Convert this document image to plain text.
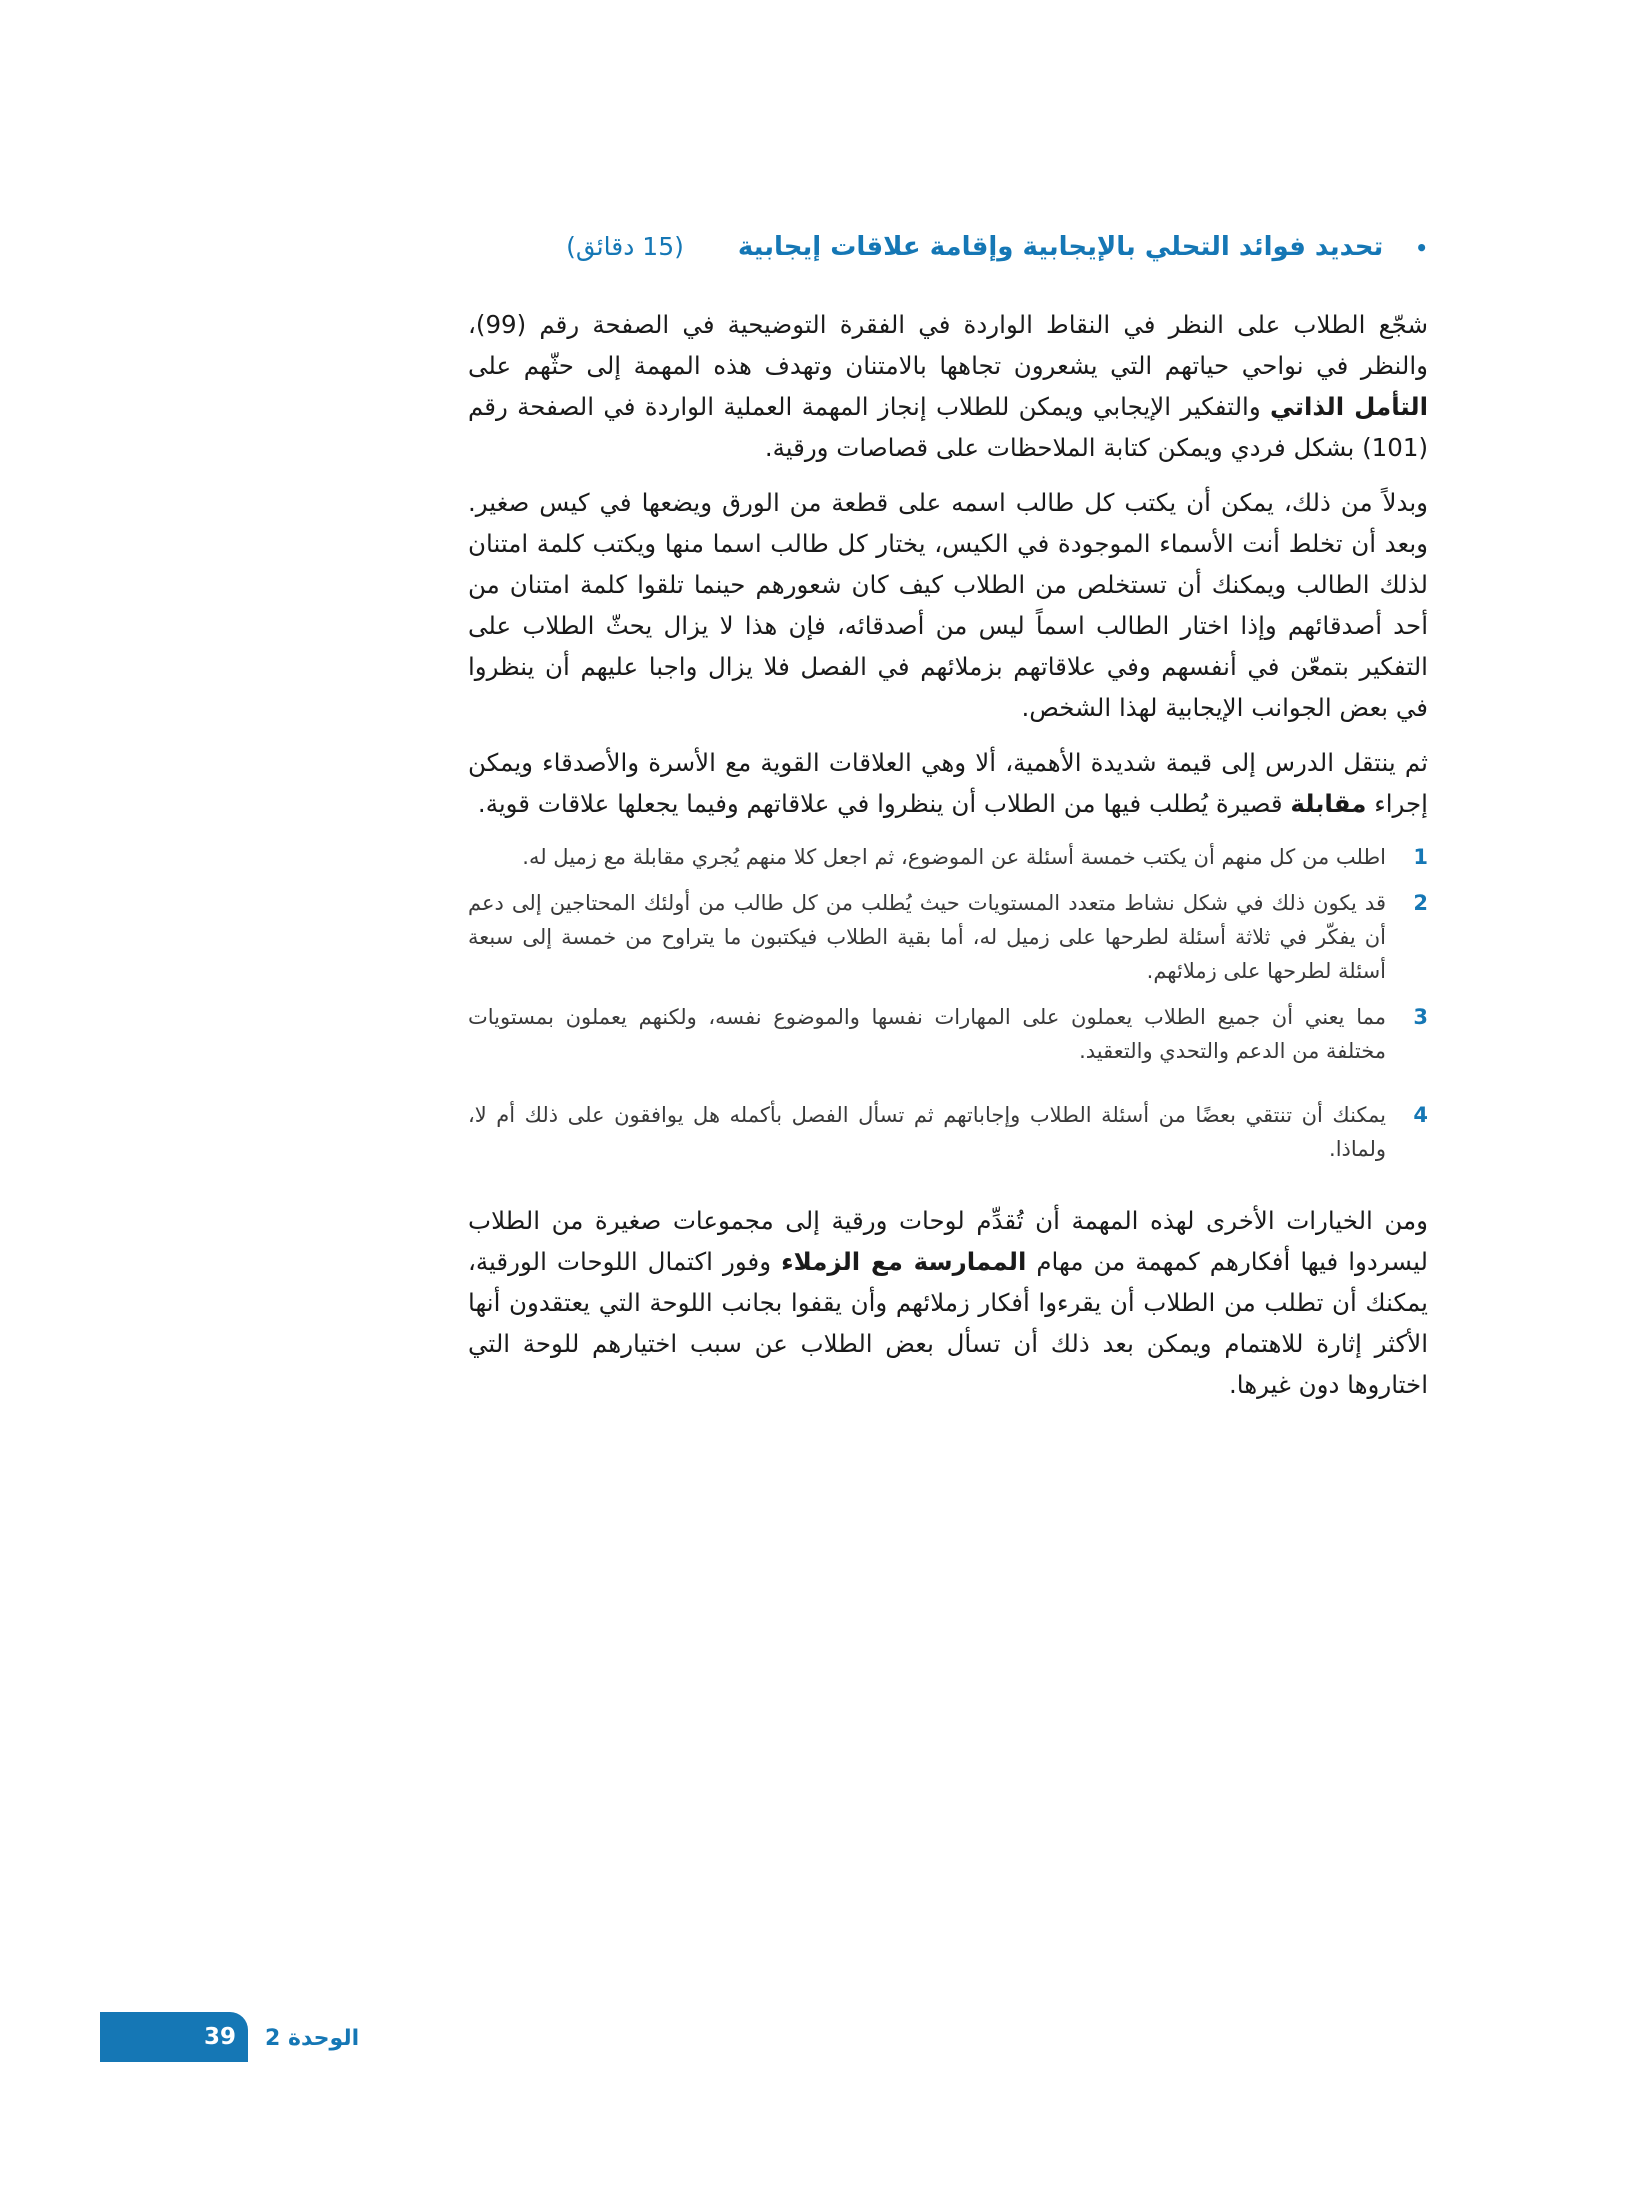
•
تحديد فوائد التحلي بالإيجابية وإقامة علاقات إيجابية
(15 دقائق)

شجّع الطلاب على النظر في النقاط الواردة في الفقرة التوضيحية في الصفحة رقم (99)، والنظر في نواحي حياتهم التي يشعرون تجاهها بالامتنان وتهدف هذه المهمة إلى حثّهم على التأمل الذاتي والتفكير الإيجابي ويمكن للطلاب إنجاز المهمة العملية الواردة في الصفحة رقم (101) بشكل فردي ويمكن كتابة الملاحظات على قصاصات ورقية.

وبدلاً من ذلك، يمكن أن يكتب كل طالب اسمه على قطعة من الورق ويضعها في كيس صغير. وبعد أن تخلط أنت الأسماء الموجودة في الكيس، يختار كل طالب اسما منها ويكتب كلمة امتنان لذلك الطالب ويمكنك أن تستخلص من الطلاب كيف كان شعورهم حينما تلقوا كلمة امتنان من أحد أصدقائهم وإذا اختار الطالب اسماً ليس من أصدقائه، فإن هذا لا يزال يحثّ الطلاب على التفكير بتمعّن في أنفسهم وفي علاقاتهم بزملائهم في الفصل فلا يزال واجبا عليهم أن ينظروا في بعض الجوانب الإيجابية لهذا الشخص.

ثم ينتقل الدرس إلى قيمة شديدة الأهمية، ألا وهي العلاقات القوية مع الأسرة والأصدقاء ويمكن إجراء مقابلة قصيرة يُطلب فيها من الطلاب أن ينظروا في علاقاتهم وفيما يجعلها علاقات قوية.

1
اطلب من كل منهم أن يكتب خمسة أسئلة عن الموضوع، ثم اجعل كلا منهم يُجري مقابلة مع زميل له.
2
قد يكون ذلك في شكل نشاط متعدد المستويات حيث يُطلب من كل طالب من أولئك المحتاجين إلى دعم أن يفكّر في ثلاثة أسئلة لطرحها على زميل له، أما بقية الطلاب فيكتبون ما يتراوح من خمسة إلى سبعة أسئلة لطرحها على زملائهم.
3
مما يعني أن جميع الطلاب يعملون على المهارات نفسها والموضوع نفسه، ولكنهم يعملون بمستويات مختلفة من الدعم والتحدي والتعقيد.
4
يمكنك أن تنتقي بعضًا من أسئلة الطلاب وإجاباتهم ثم تسأل الفصل بأكمله هل يوافقون على ذلك أم لا، ولماذا.

ومن الخيارات الأخرى لهذه المهمة أن تُقدِّم لوحات ورقية إلى مجموعات صغيرة من الطلاب ليسردوا فيها أفكارهم كمهمة من مهام الممارسة مع الزملاء وفور اكتمال اللوحات الورقية، يمكنك أن تطلب من الطلاب أن يقرءوا أفكار زملائهم وأن يقفوا بجانب اللوحة التي يعتقدون أنها الأكثر إثارة للاهتمام ويمكن بعد ذلك أن تسأل بعض الطلاب عن سبب اختيارهم للوحة التي اختاروها دون غيرها.

39 الوحدة 2
